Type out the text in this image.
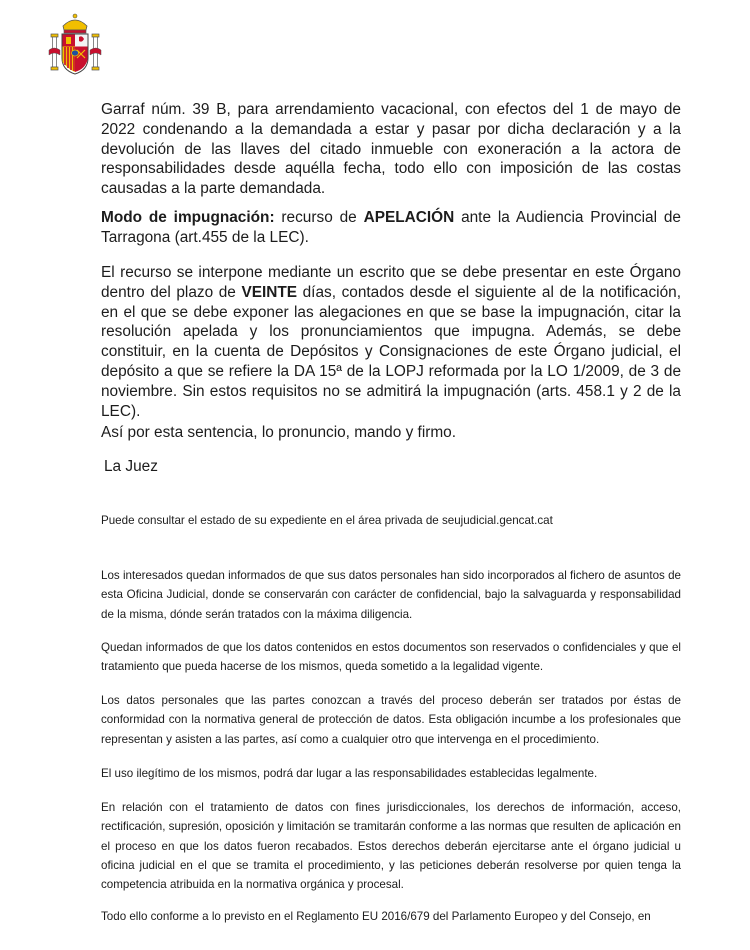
Garraf núm. 39 B, para arrendamiento vacacional, con efectos del 1 de mayo de 2022 condenando a la demandada a estar y pasar por dicha declaración y a la devolución de las llaves del citado inmueble con exoneración a la actora de responsabilidades desde aquélla fecha, todo ello con imposición de las costas causadas a la parte demandada.

Modo de impugnación: recurso de APELACIÓN ante la Audiencia Provincial de Tarragona (art.455 de la LEC).

El recurso se interpone mediante un escrito que se debe presentar en este Órgano dentro del plazo de VEINTE días, contados desde el siguiente al de la notificación, en el que se debe exponer las alegaciones en que se base la impugnación, citar la resolución apelada y los pronunciamientos que impugna. Además, se debe constituir, en la cuenta de Depósitos y Consignaciones de este Órgano judicial, el depósito a que se refiere la DA 15ª de la LOPJ reformada por la LO 1/2009, de 3 de noviembre. Sin estos requisitos no se admitirá la impugnación (arts. 458.1 y 2 de la LEC).

Así por esta sentencia, lo pronuncio, mando y firmo.

La Juez

Puede consultar el estado de su expediente en el área privada de seujudicial.gencat.cat

Los interesados quedan informados de que sus datos personales han sido incorporados al fichero de asuntos de esta Oficina Judicial, donde se conservarán con carácter de confidencial, bajo la salvaguarda y responsabilidad de la misma, dónde serán tratados con la máxima diligencia.

Quedan informados de que los datos contenidos en estos documentos son reservados o confidenciales y que el tratamiento que pueda hacerse de los mismos, queda sometido a la legalidad vigente.

Los datos personales que las partes conozcan a través del proceso deberán ser tratados por éstas de conformidad con la normativa general de protección de datos. Esta obligación incumbe a los profesionales que representan y asisten a las partes, así como a cualquier otro que intervenga en el procedimiento.

El uso ilegítimo de los mismos, podrá dar lugar a las responsabilidades establecidas legalmente.

En relación con el tratamiento de datos con fines jurisdiccionales, los derechos de información, acceso, rectificación, supresión, oposición y limitación se tramitarán conforme a las normas que resulten de aplicación en el proceso en que los datos fueron recabados. Estos derechos deberán ejercitarse ante el órgano judicial u oficina judicial en el que se tramita el procedimiento, y las peticiones deberán resolverse por quien tenga la competencia atribuida en la normativa orgánica y procesal.

Todo ello conforme a lo previsto en el Reglamento EU 2016/679 del Parlamento Europeo y del Consejo, en
